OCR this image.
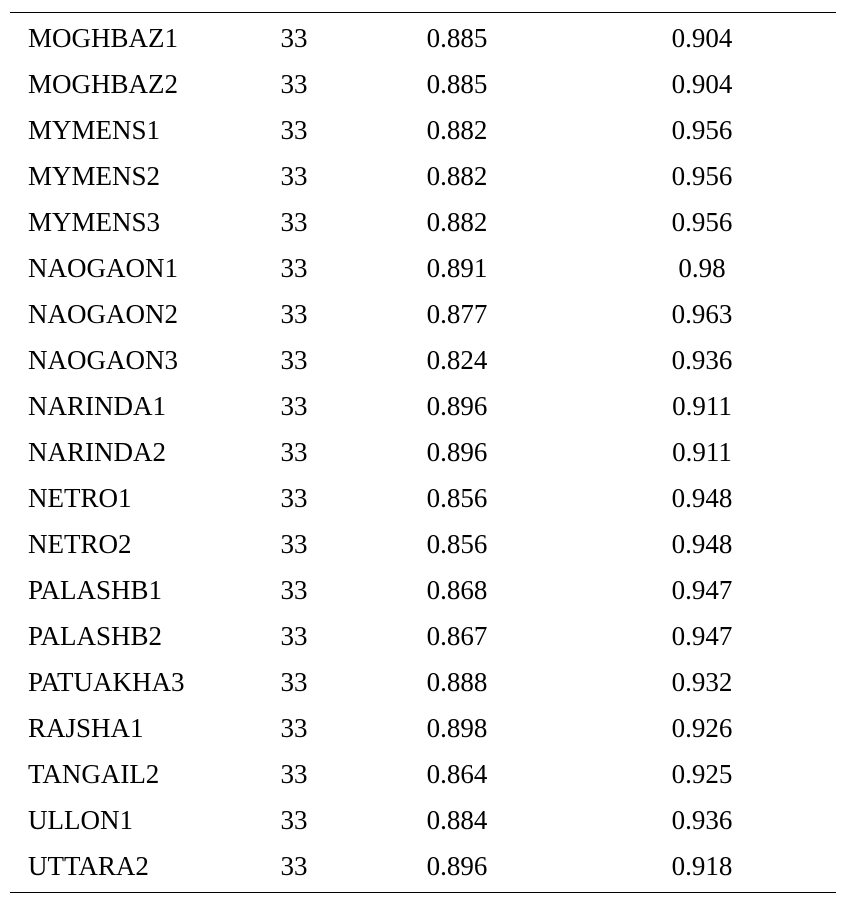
MOGHBAZ1	33	0.885	0.904
MOGHBAZ2	33	0.885	0.904
MYMENS1	33	0.882	0.956
MYMENS2	33	0.882	0.956
MYMENS3	33	0.882	0.956
NAOGAON1	33	0.891	0.98
NAOGAON2	33	0.877	0.963
NAOGAON3	33	0.824	0.936
NARINDA1	33	0.896	0.911
NARINDA2	33	0.896	0.911
NETRO1	33	0.856	0.948
NETRO2	33	0.856	0.948
PALASHB1	33	0.868	0.947
PALASHB2	33	0.867	0.947
PATUAKHA3	33	0.888	0.932
RAJSHA1	33	0.898	0.926
TANGAIL2	33	0.864	0.925
ULLON1	33	0.884	0.936
UTTARA2	33	0.896	0.918
